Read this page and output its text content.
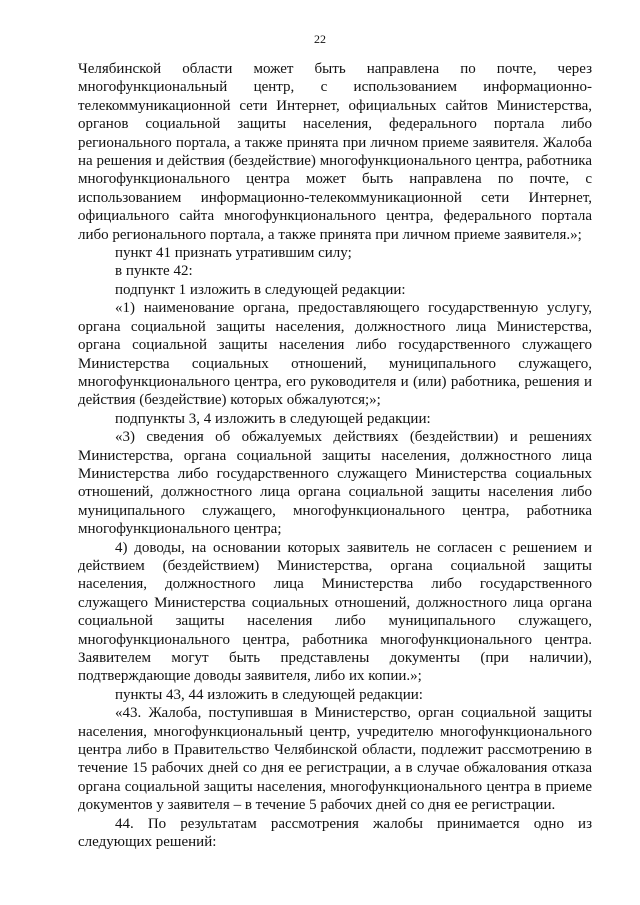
22

Челябинской области может быть направлена по почте, через многофункциональный центр, с использованием информационно-телекоммуникационной сети Интернет, официальных сайтов Министерства, органов социальной защиты населения, федерального портала либо регионального портала, а также принята при личном приеме заявителя. Жалоба на решения и действия (бездействие) многофункционального центра, работника многофункционального центра может быть направлена по почте, с использованием информационно-телекоммуникационной сети Интернет, официального сайта многофункционального центра, федерального портала либо регионального портала, а также принята при личном приеме заявителя.»;

пункт 41 признать утратившим силу;

в пункте 42:

подпункт 1 изложить в следующей редакции:

«1) наименование органа, предоставляющего государственную услугу, органа социальной защиты населения, должностного лица Министерства, органа социальной защиты населения либо государственного служащего Министерства социальных отношений, муниципального служащего, многофункционального центра, его руководителя и (или) работника, решения и действия (бездействие) которых обжалуются;»;

подпункты 3, 4 изложить в следующей редакции:

«3) сведения об обжалуемых действиях (бездействии) и решениях Министерства, органа социальной защиты населения, должностного лица Министерства либо государственного служащего Министерства социальных отношений, должностного лица органа социальной защиты населения либо муниципального служащего, многофункционального центра, работника многофункционального центра;

4) доводы, на основании которых заявитель не согласен с решением и действием (бездействием) Министерства, органа социальной защиты населения, должностного лица Министерства либо государственного служащего Министерства социальных отношений, должностного лица органа социальной защиты населения либо муниципального служащего, многофункционального центра, работника многофункционального центра. Заявителем могут быть представлены документы (при наличии), подтверждающие доводы заявителя, либо их копии.»;

пункты 43, 44 изложить в следующей редакции:

«43. Жалоба, поступившая в Министерство, орган социальной защиты населения, многофункциональный центр, учредителю многофункционального центра либо в Правительство Челябинской области, подлежит рассмотрению в течение 15 рабочих дней со дня ее регистрации, а в случае обжалования отказа органа социальной защиты населения, многофункционального центра в приеме документов у заявителя – в течение 5 рабочих дней со дня ее регистрации.

44. По результатам рассмотрения жалобы принимается одно из следующих решений:
